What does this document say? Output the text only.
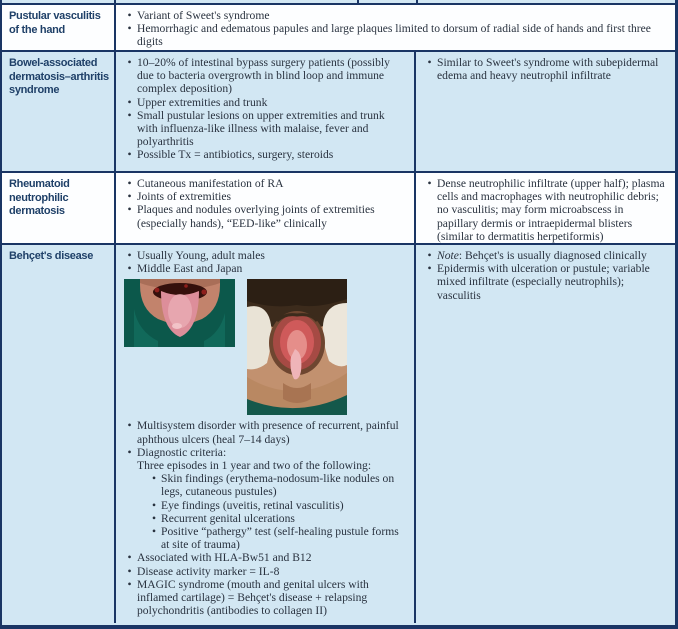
Pustular vasculitis of the hand
• Variant of Sweet's syndrome
• Hemorrhagic and edematous papules and large plaques limited to dorsum of radial side of hands and first three digits
Bowel-associated dermatosis–arthritis syndrome
• 10–20% of intestinal bypass surgery patients (possibly due to bacteria overgrowth in blind loop and immune complex deposition)
• Upper extremities and trunk
• Small pustular lesions on upper extremities and trunk with influenza-like illness with malaise, fever and polyarthritis
• Possible Tx = antibiotics, surgery, steroids
• Similar to Sweet's syndrome with subepidermal edema and heavy neutrophil infiltrate
Rheumatoid neutrophilic dermatosis
• Cutaneous manifestation of RA
• Joints of extremities
• Plaques and nodules overlying joints of extremities (especially hands), “EED-like” clinically
• Dense neutrophilic infiltrate (upper half); plasma cells and macrophages with neutrophilic debris; no vasculitis; may form microabscess in papillary dermis or intraepidermal blisters (similar to dermatitis herpetiformis)
Behçet's disease	• Usually Young, adult males
• Middle East and Japan
• Multisystem disorder with presence of recurrent, painful aphthous ulcers (heal 7–14 days)
• Diagnostic criteria:
Three episodes in 1 year and two of the following:
• Skin findings (erythema-nodosum-like nodules on legs, cutaneous pustules)
• Eye findings (uveitis, retinal vasculitis)
• Recurrent genital ulcerations
• Positive “pathergy” test (self-healing pustule forms at site of trauma)
• Associated with HLA-Bw51 and B12
• Disease activity marker = IL-8
• MAGIC syndrome (mouth and genital ulcers with inflamed cartilage) = Behçet's disease + relapsing polychondritis (antibodies to collagen II)
• Note: Behçet's is usually diagnosed clinically
• Epidermis with ulceration or pustule; variable mixed infiltrate (especially neutrophils); vasculitis
